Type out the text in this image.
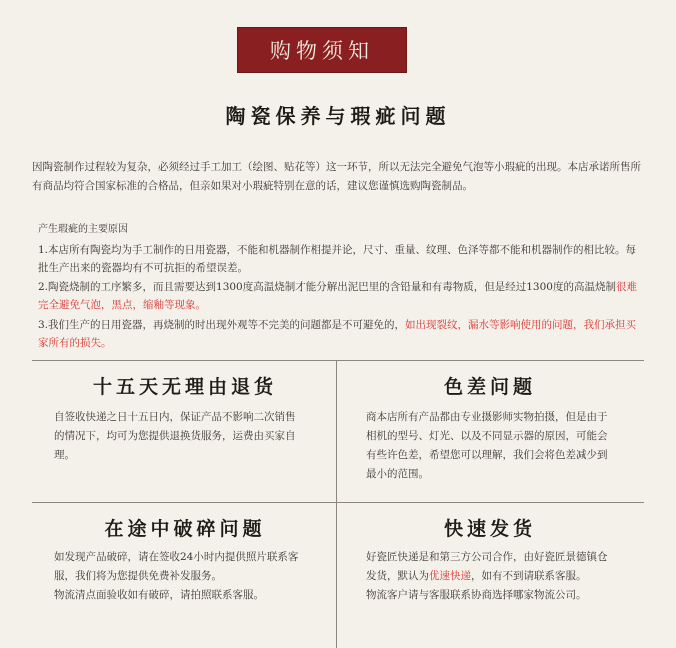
购物须知
陶瓷保养与瑕疵问题
因陶瓷制作过程较为复杂，必须经过手工加工（绘图、贴花等）这一环节，所以无法完全避免气泡等小瑕疵的出现。本店承诺所售所有商品均符合国家标准的合格品，但亲如果对小瑕疵特别在意的话，建议您谨慎选购陶瓷制品。
产生瑕疵的主要原因
1.本店所有陶瓷均为手工制作的日用瓷器，不能和机器制作相提并论，尺寸、重量、纹理、色泽等都不能和机器制作的相比较。每批生产出来的瓷器均有不可抗拒的希望误差。
2.陶瓷烧制的工序繁多，而且需要达到1300度高温烧制才能分解出泥巴里的含铅量和有毒物质，但是经过1300度的高温烧制很难完全避免气泡，黑点，缩釉等现象。
3.我们生产的日用瓷器，再烧制的时出现外观等不完美的问题都是不可避免的，如出现裂纹，漏水等影响使用的问题，我们承担买家所有的损失。
十五天无理由退货
自签收快递之日十五日内，保证产品不影响二次销售的情况下，均可为您提供退换货服务，运费由买家自理。
色差问题
商本店所有产品都由专业摄影师实物拍摄，但是由于相机的型号、灯光、以及不同显示器的原因，可能会有些许色差，希望您可以理解，我们会将色差减少到最小的范围。
在途中破碎问题
如发现产品破碎，请在签收24小时内提供照片联系客服，我们将为您提供免费补发服务。
物流清点面验收如有破碎，请拍照联系客服。
快速发货
好瓷匠快递是和第三方公司合作，由好瓷匠景德镇仓发货，默认为优速快递，如有不到请联系客服。
物流客户请与客服联系协商选择哪家物流公司。
